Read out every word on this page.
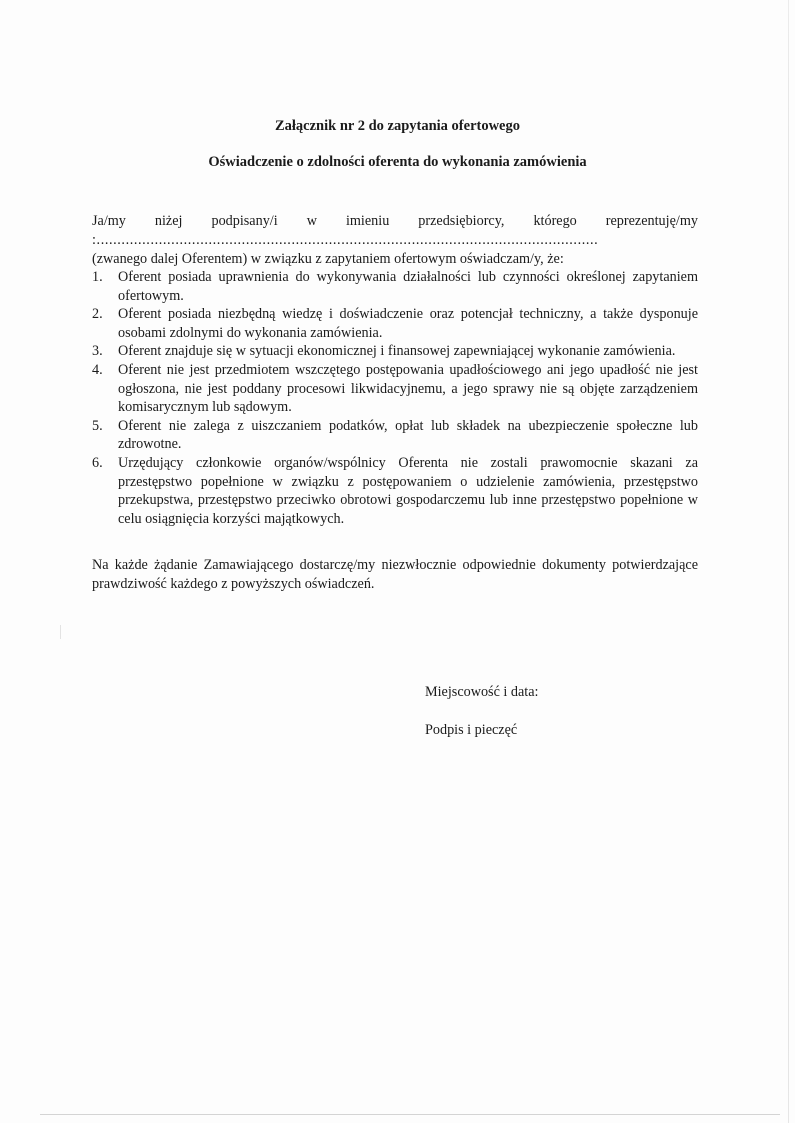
Załącznik nr 2 do zapytania ofertowego
Oświadczenie o zdolności oferenta do wykonania zamówienia
Ja/my niżej podpisany/i w imieniu przedsiębiorcy, którego reprezentuję/my
:.........................................................................................................................
(zwanego dalej Oferentem) w związku z zapytaniem ofertowym oświadczam/y, że:
1.	Oferent posiada uprawnienia do wykonywania działalności lub czynności określonej zapytaniem ofertowym.
2.	Oferent posiada niezbędną wiedzę i doświadczenie oraz potencjał techniczny, a także dysponuje osobami zdolnymi do wykonania zamówienia.
3.	Oferent znajduje się w sytuacji ekonomicznej i finansowej zapewniającej wykonanie zamówienia.
4.	Oferent nie jest przedmiotem wszczętego postępowania upadłościowego ani jego upadłość nie jest ogłoszona, nie jest poddany procesowi likwidacyjnemu, a jego sprawy nie są objęte zarządzeniem komisarycznym lub sądowym.
5.	Oferent nie zalega z uiszczaniem podatków, opłat lub składek na ubezpieczenie społeczne lub zdrowotne.
6.	Urzędujący członkowie organów/wspólnicy Oferenta nie zostali prawomocnie skazani za przestępstwo popełnione w związku z postępowaniem o udzielenie zamówienia, przestępstwo przekupstwa, przestępstwo przeciwko obrotowi gospodarczemu lub inne przestępstwo popełnione w celu osiągnięcia korzyści majątkowych.
Na każde żądanie Zamawiającego dostarczę/my niezwłocznie odpowiednie dokumenty potwierdzające prawdziwość każdego z powyższych oświadczeń.
Miejscowość i data:
Podpis i pieczęć
